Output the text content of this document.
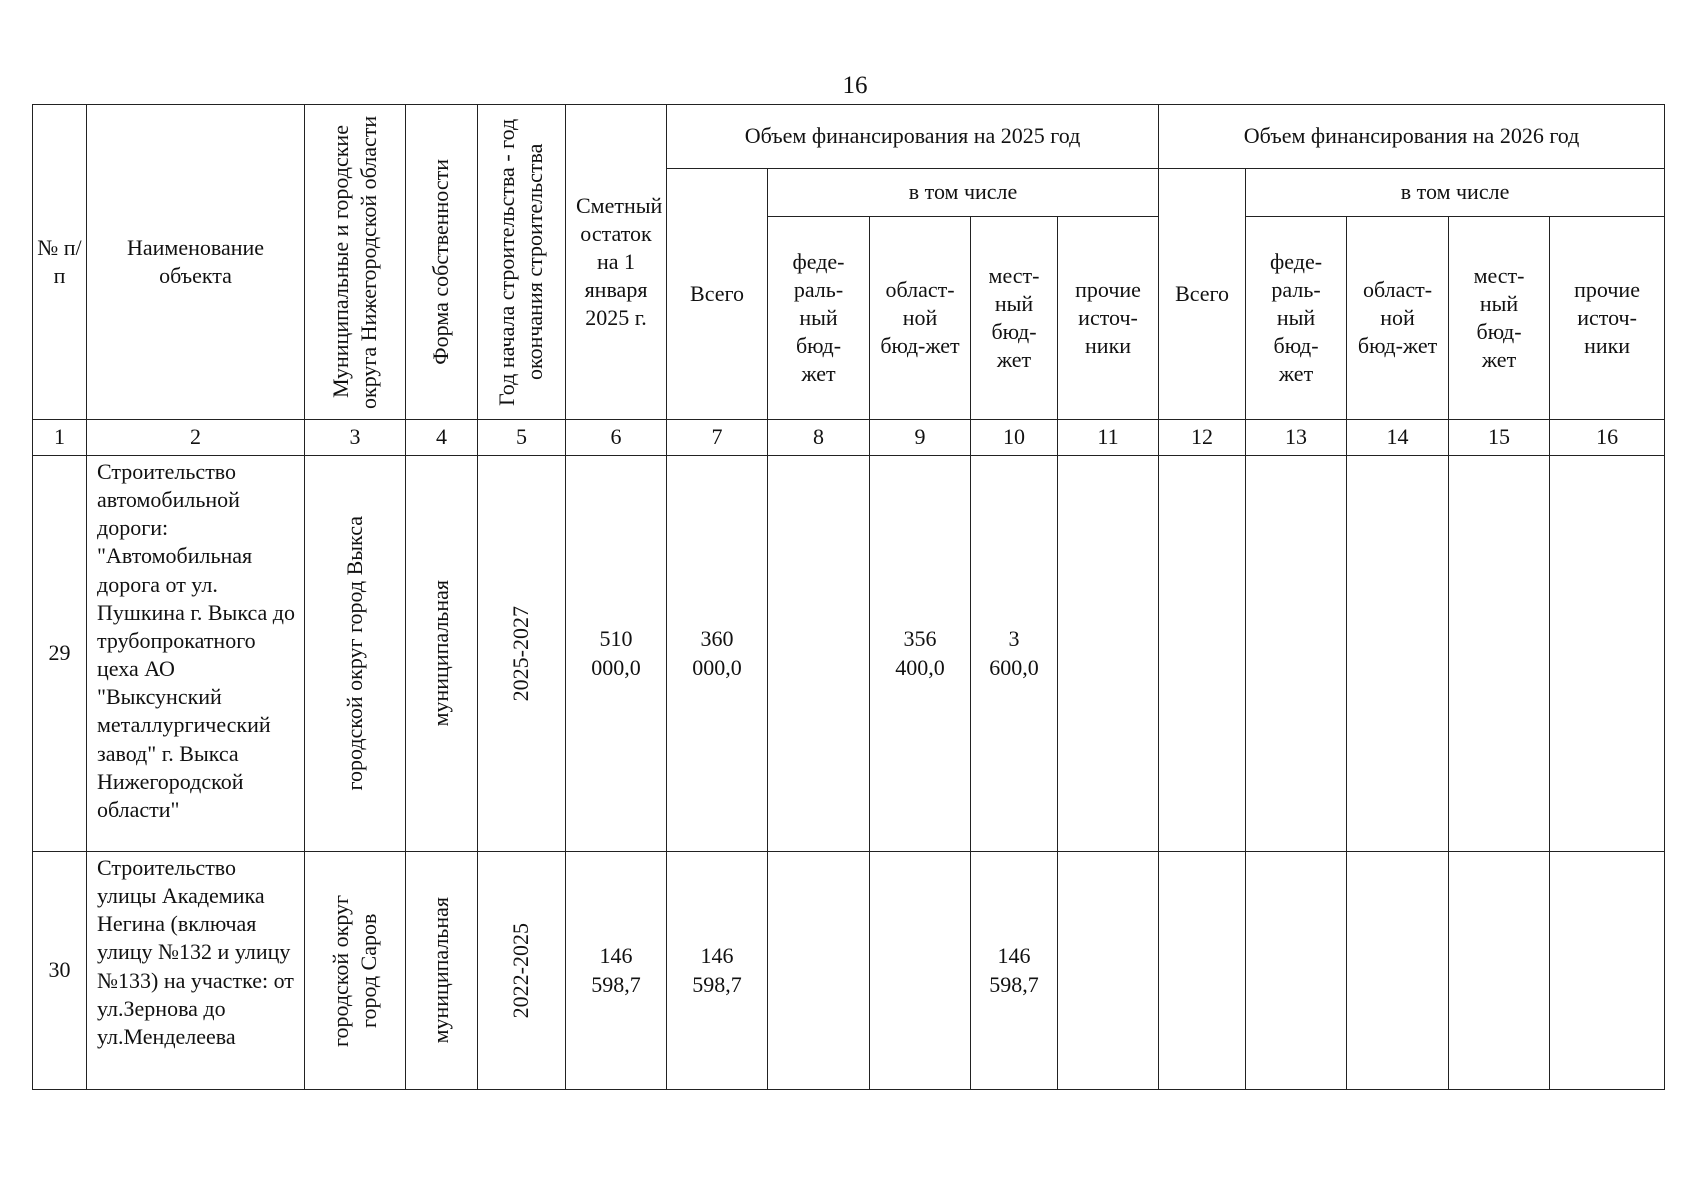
16
№ п/п	Наименование объекта	Муниципальные и городские округа Нижегородской области	Форма собственности	Год начала строительства - год окончания строительства	Сметный остаток на 1 января 2025 г.	Объем финансирования на 2025 год					Объем финансирования на 2026 год				
						Всего	в том числе				Всего	в том числе			
							феде-раль-ный бюд-жет	област-ной бюд-жет	мест-ный бюд-жет	прочие источ-ники		феде-раль-ный бюд-жет	област-ной бюд-жет	мест-ный бюд-жет	прочие источ-ники
1	2	3	4	5	6	7	8	9	10	11	12	13	14	15	16
29	Строительство автомобильной дороги: "Автомобильная дорога от ул. Пушкина г. Выкса до трубопрокатного цеха АО "Выксунский металлургический завод" г. Выкса Нижегородской области"	городской округ город Выкса	муниципальная	2025-2027	510 000,0	360 000,0		356 400,0	3 600,0						
30	Строительство улицы Академика Негина (включая улицу №132 и улицу №133) на участке: от ул.Зернова до ул.Менделеева	городской округ город Саров	муниципальная	2022-2025	146 598,7	146 598,7			146 598,7						
